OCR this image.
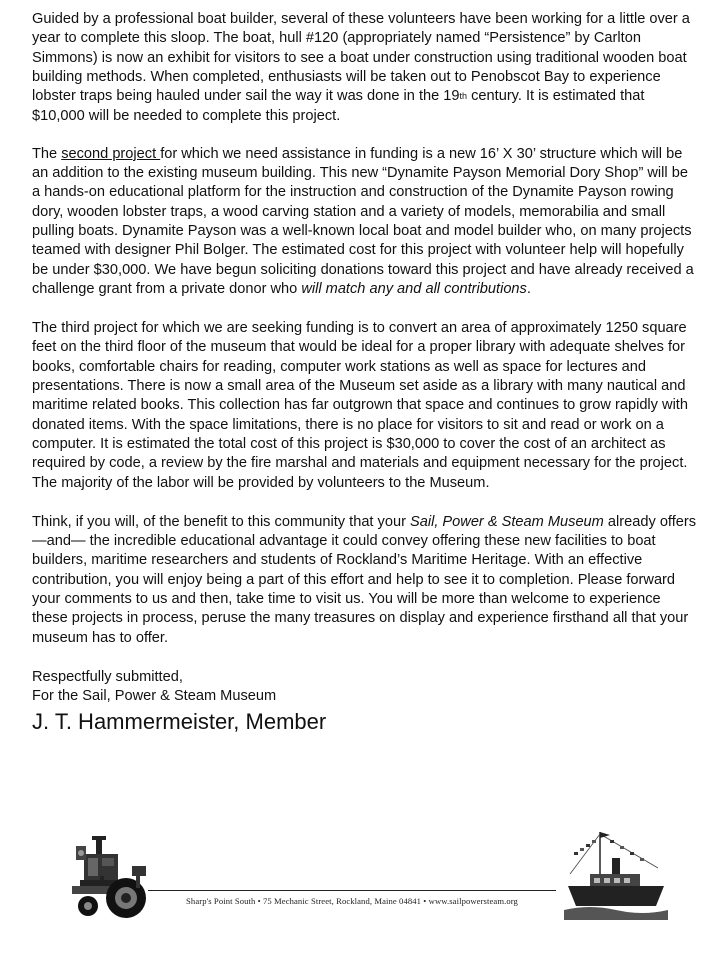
Guided by a professional boat builder, several of these volunteers have been working for a little over a year to complete this sloop. The boat, hull #120 (appropriately named “Persistence” by Carlton Simmons) is now an exhibit for visitors to see a boat under construction using traditional wooden boat building methods. When completed, enthusiasts will be taken out to Penobscot Bay to experience lobster traps being hauled under sail the way it was done in the 19th century. It is estimated that $10,000 will be needed to complete this project.

The second project for which we need assistance in funding is a new 16’ X 30’ structure which will be an addition to the existing museum building. This new “Dynamite Payson Memorial Dory Shop” will be a hands-on educational platform for the instruction and construction of the Dynamite Payson rowing dory, wooden lobster traps, a wood carving station and a variety of models, memorabilia and small pulling boats. Dynamite Payson was a well-known local boat and model builder who, on many projects teamed with designer Phil Bolger. The estimated cost for this project with volunteer help will hopefully be under $30,000. We have begun soliciting donations toward this project and have already received a challenge grant from a private donor who will match any and all contributions.

The third project for which we are seeking funding is to convert an area of approximately 1250 square feet on the third floor of the museum that would be ideal for a proper library with adequate shelves for books, comfortable chairs for reading, computer work stations as well as space for lectures and presentations. There is now a small area of the Museum set aside as a library with many nautical and maritime related books. This collection has far outgrown that space and continues to grow rapidly with donated items. With the space limitations, there is no place for visitors to sit and read or work on a computer. It is estimated the total cost of this project is $30,000 to cover the cost of an architect as required by code, a review by the fire marshal and materials and equipment necessary for the project. The majority of the labor will be provided by volunteers to the Museum.

Think, if you will, of the benefit to this community that your Sail, Power & Steam Museum already offers—and— the incredible educational advantage it could convey offering these new facilities to boat builders, maritime researchers and students of Rockland’s Maritime Heritage. With an effective contribution, you will enjoy being a part of this effort and help to see it to completion. Please forward your comments to us and then, take time to visit us. You will be more than welcome to experience these projects in process, peruse the many treasures on display and experience firsthand all that your museum has to offer.

Respectfully submitted,

For the Sail, Power & Steam Museum

J. T. Hammermeister, Member

Sharp's Point South • 75 Mechanic Street, Rockland, Maine 04841 • www.sailpowersteam.org
